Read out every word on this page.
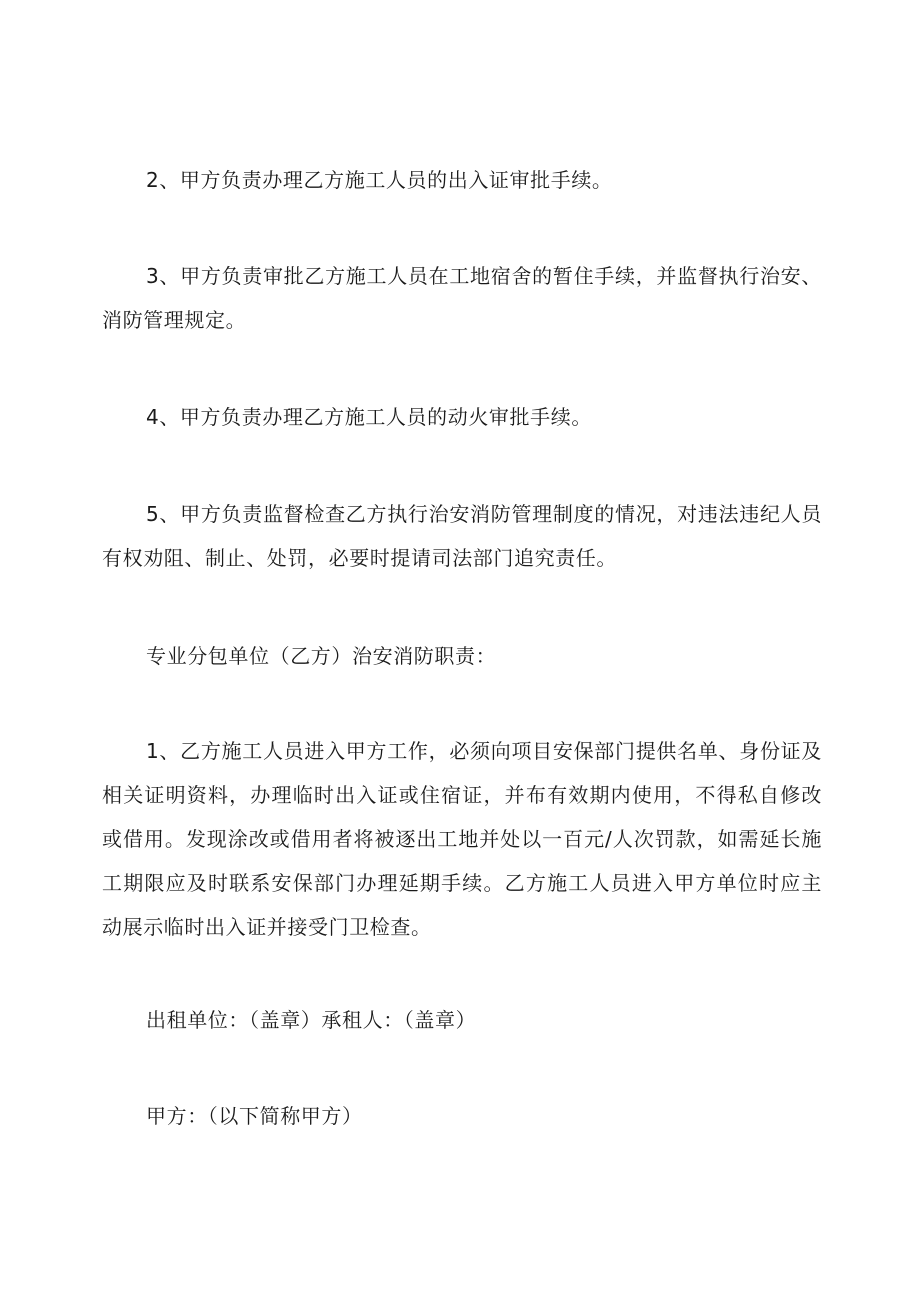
2、甲方负责办理乙方施工人员的出入证审批手续。

3、甲方负责审批乙方施工人员在工地宿舍的暂住手续，并监督执行治安、消防管理规定。

4、甲方负责办理乙方施工人员的动火审批手续。

5、甲方负责监督检查乙方执行治安消防管理制度的情况，对违法违纪人员有权劝阻、制止、处罚，必要时提请司法部门追究责任。

专业分包单位（乙方）治安消防职责：

1、乙方施工人员进入甲方工作，必须向项目安保部门提供名单、身份证及相关证明资料，办理临时出入证或住宿证，并布有效期内使用，不得私自修改或借用。发现涂改或借用者将被逐出工地并处以一百元/人次罚款，如需延长施工期限应及时联系安保部门办理延期手续。乙方施工人员进入甲方单位时应主动展示临时出入证并接受门卫检查。

出租单位：（盖章）承租人：（盖章）

甲方：（以下简称甲方）
